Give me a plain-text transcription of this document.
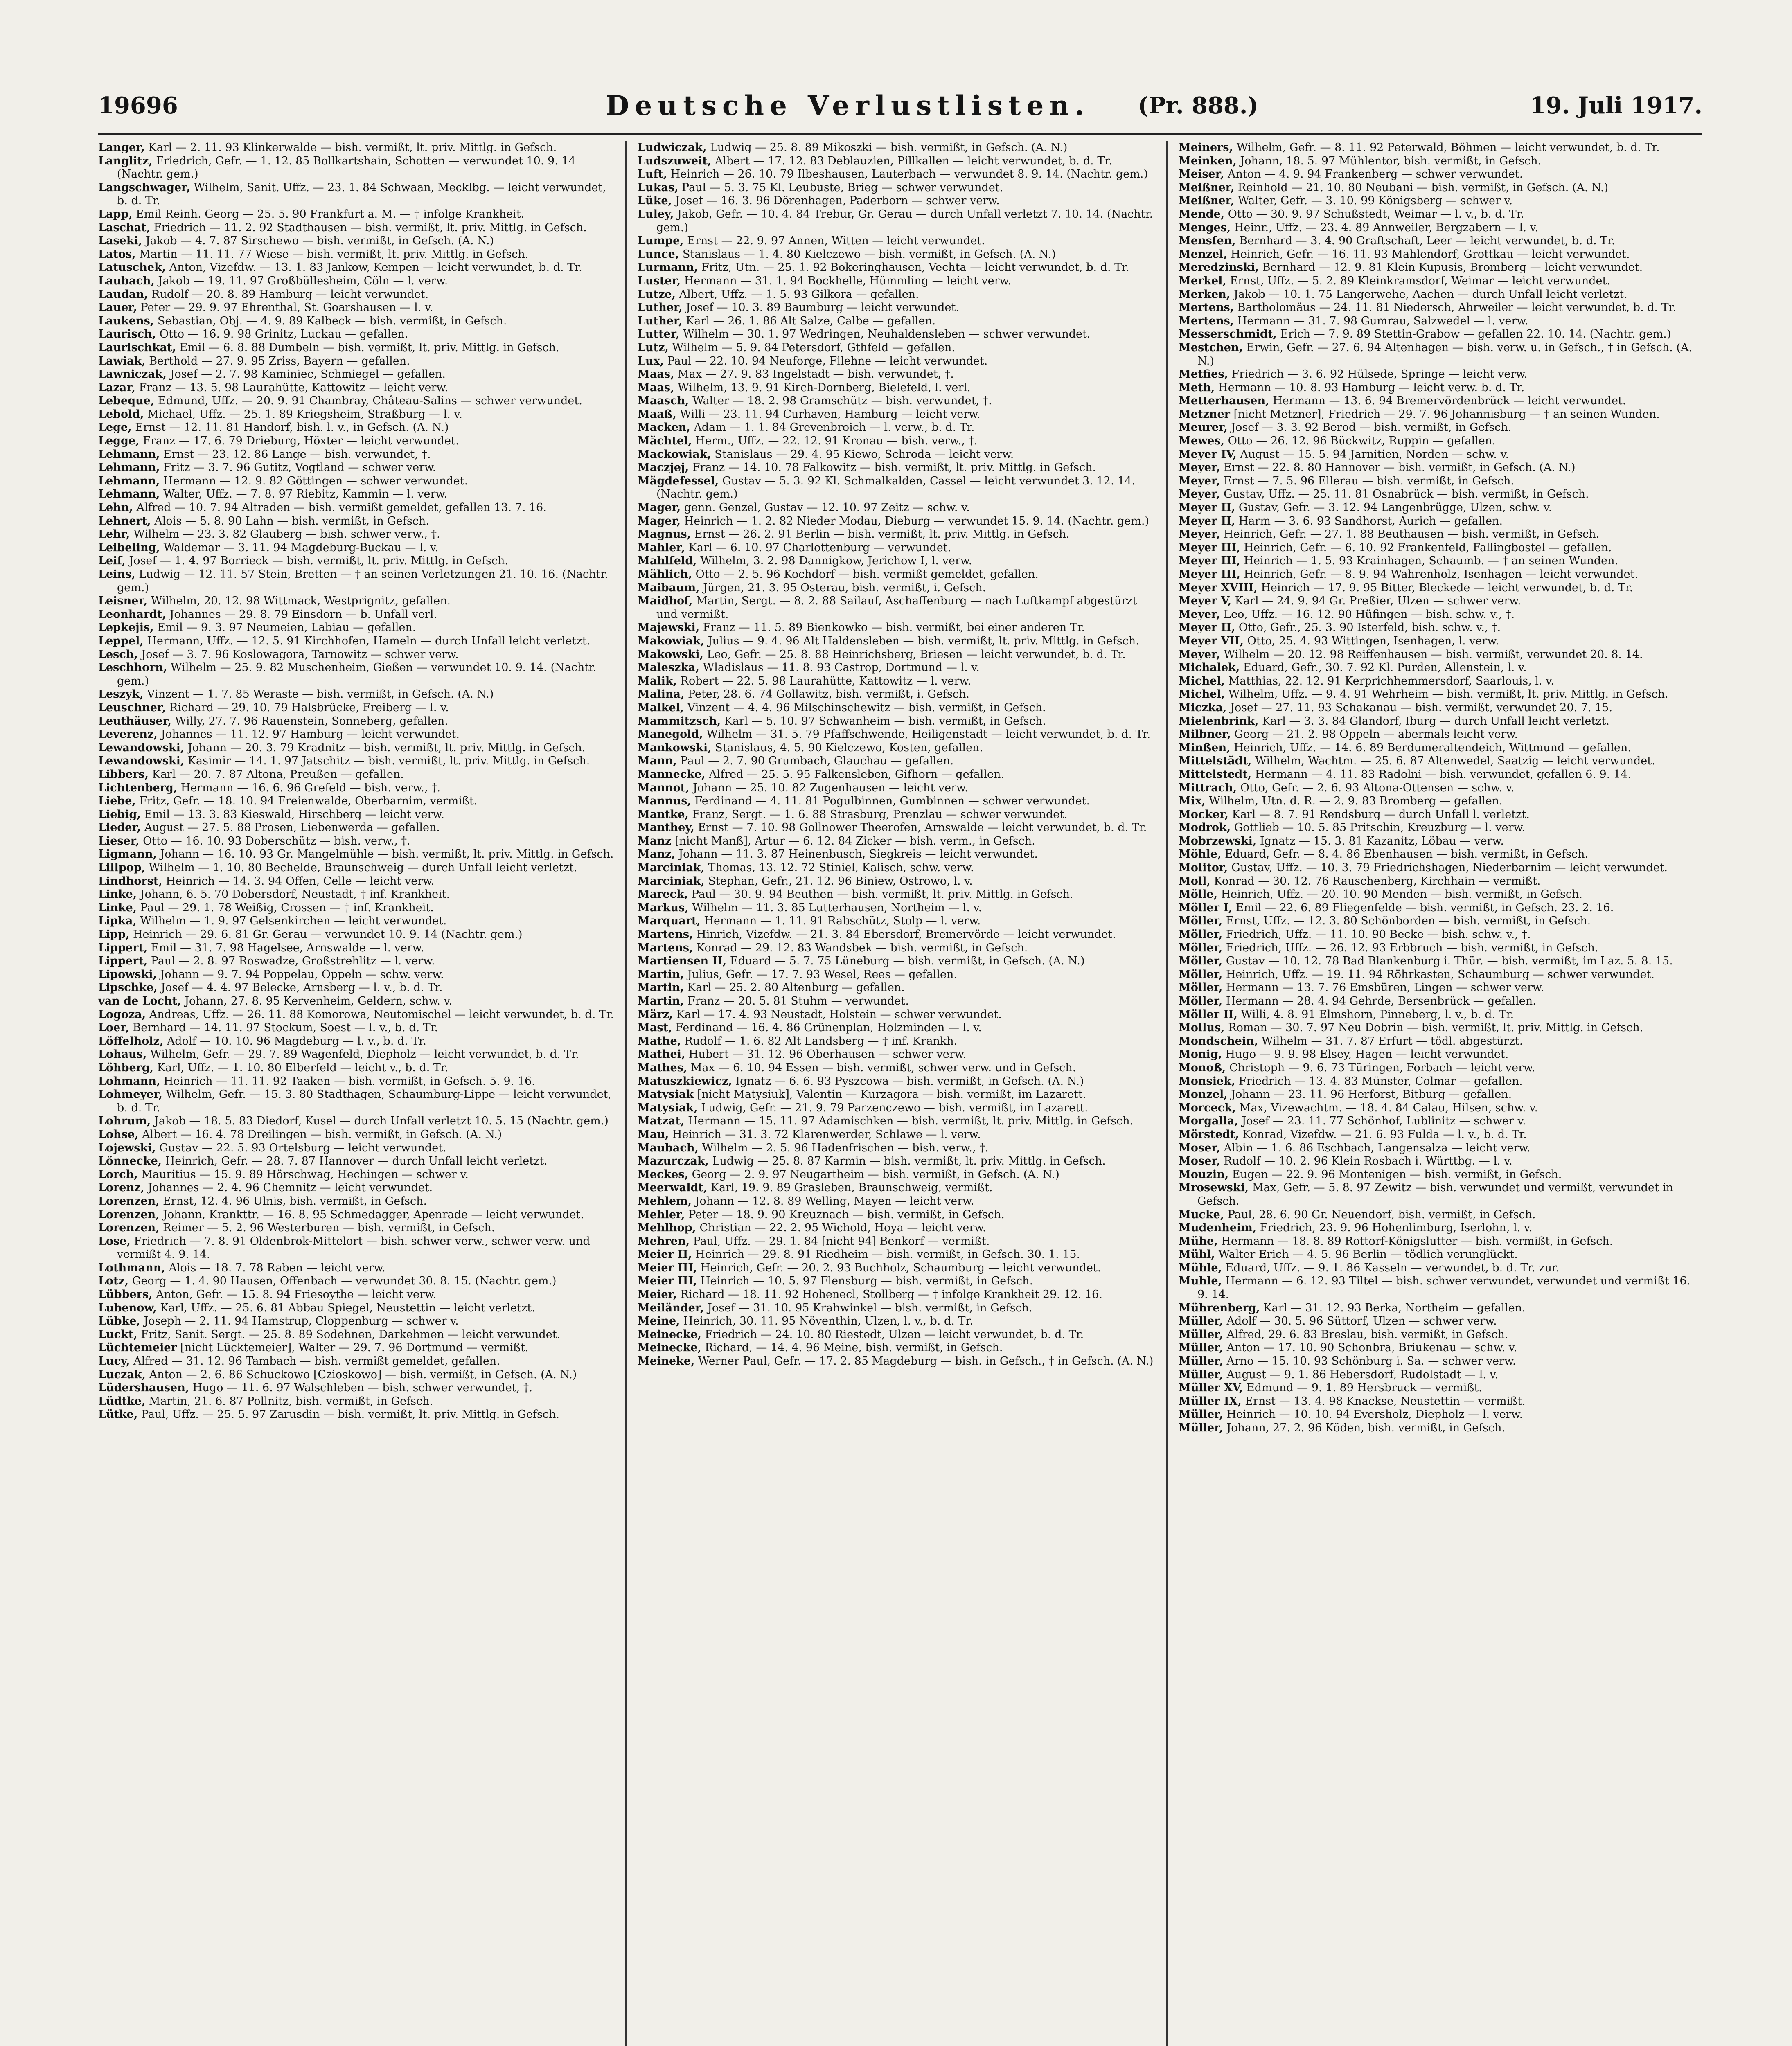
19696	Deutsche Verlustlisten. (Pr. 888.)	19. Juli 1917.

Langer, Karl — 2. 11. 93 Klinkerwalde — bish. vermißt, lt. priv. Mittlg. in Gefsch.

Langlitz, Friedrich, Gefr. — 1. 12. 85 Bollkartshain, Schotten — verwundet 10. 9. 14 (Nachtr. gem.)

Langschwager, Wilhelm, Sanit. Uffz. — 23. 1. 84 Schwaan, Mecklbg. — leicht verwundet, b. d. Tr.

Lapp, Emil Reinh. Georg — 25. 5. 90 Frankfurt a. M. — † infolge Krankheit.

Laschat, Friedrich — 11. 2. 92 Stadthausen — bish. vermißt, lt. priv. Mittlg. in Gefsch.

Laseki, Jakob — 4. 7. 87 Sirschewo — bish. vermißt, in Gefsch. (A. N.)

Latos, Martin — 11. 11. 77 Wiese — bish. vermißt, lt. priv. Mittlg. in Gefsch.

Latuschek, Anton, Vizefdw. — 13. 1. 83 Jankow, Kempen — leicht verwundet, b. d. Tr.

Laubach, Jakob — 19. 11. 97 Großbüllesheim, Cöln — l. verw.

Laudan, Rudolf — 20. 8. 89 Hamburg — leicht verwundet.

Lauer, Peter — 29. 9. 97 Ehrenthal, St. Goarshausen — l. v.

Laukens, Sebastian, Obj. — 4. 9. 89 Kalbeck — bish. vermißt, in Gefsch.

Laurisch, Otto — 16. 9. 98 Grinitz, Luckau — gefallen.

Laurischkat, Emil — 6. 8. 88 Dumbeln — bish. vermißt, lt. priv. Mittlg. in Gefsch.

Lawiak, Berthold — 27. 9. 95 Zriss, Bayern — gefallen.

Lawniczak, Josef — 2. 7. 98 Kaminiec, Schmiegel — gefallen.

Lazar, Franz — 13. 5. 98 Laurahütte, Kattowitz — leicht verw.

Lebeque, Edmund, Uffz. — 20. 9. 91 Chambray, Château-Salins — schwer verwundet.

Lebold, Michael, Uffz. — 25. 1. 89 Kriegsheim, Straßburg — l. v.

Lege, Ernst — 12. 11. 81 Handorf, bish. l. v., in Gefsch. (A. N.)

Legge, Franz — 17. 6. 79 Drieburg, Höxter — leicht verwundet.

Lehmann, Ernst — 23. 12. 86 Lange — bish. verwundet, †.

Lehmann, Fritz — 3. 7. 96 Gutitz, Vogtland — schwer verw.

Lehmann, Hermann — 12. 9. 82 Göttingen — schwer verwundet.

Lehmann, Walter, Uffz. — 7. 8. 97 Riebitz, Kammin — l. verw.

Lehn, Alfred — 10. 7. 94 Altraden — bish. vermißt gemeldet, gefallen 13. 7. 16.

Lehnert, Alois — 5. 8. 90 Lahn — bish. vermißt, in Gefsch.

Lehr, Wilhelm — 23. 3. 82 Glauberg — bish. schwer verw., †.

Leibeling, Waldemar — 3. 11. 94 Magdeburg-Buckau — l. v.

Leif, Josef — 1. 4. 97 Borrieck — bish. vermißt, lt. priv. Mittlg. in Gefsch.

Leins, Ludwig — 12. 11. 57 Stein, Bretten — † an seinen Verletzungen 21. 10. 16. (Nachtr. gem.)

Leisner, Wilhelm, 20. 12. 98 Wittmack, Westprignitz, gefallen.

Leonhardt, Johannes — 29. 8. 79 Einsdorn — b. Unfall verl.

Lepkejis, Emil — 9. 3. 97 Neumeien, Labiau — gefallen.

Leppel, Hermann, Uffz. — 12. 5. 91 Kirchhofen, Hameln — durch Unfall leicht verletzt.

Lesch, Josef — 3. 7. 96 Koslowagora, Tarnowitz — schwer verw.

Leschhorn, Wilhelm — 25. 9. 82 Muschenheim, Gießen — verwundet 10. 9. 14. (Nachtr. gem.)

Leszyk, Vinzent — 1. 7. 85 Weraste — bish. vermißt, in Gefsch. (A. N.)

Leuschner, Richard — 29. 10. 79 Halsbrücke, Freiberg — l. v.

Leuthäuser, Willy, 27. 7. 96 Rauenstein, Sonneberg, gefallen.

Leverenz, Johannes — 11. 12. 97 Hamburg — leicht verwundet.

Lewandowski, Johann — 20. 3. 79 Kradnitz — bish. vermißt, lt. priv. Mittlg. in Gefsch.

Lewandowski, Kasimir — 14. 1. 97 Jatschitz — bish. vermißt, lt. priv. Mittlg. in Gefsch.

Libbers, Karl — 20. 7. 87 Altona, Preußen — gefallen.

Lichtenberg, Hermann — 16. 6. 96 Grefeld — bish. verw., †.

Liebe, Fritz, Gefr. — 18. 10. 94 Freienwalde, Oberbarnim, vermißt.

Liebig, Emil — 13. 3. 83 Kieswald, Hirschberg — leicht verw.

Lieder, August — 27. 5. 88 Prosen, Liebenwerda — gefallen.

Lieser, Otto — 16. 10. 93 Doberschütz — bish. verw., †.

Ligmann, Johann — 16. 10. 93 Gr. Mangelmühle — bish. vermißt, lt. priv. Mittlg. in Gefsch.

Lillpop, Wilhelm — 1. 10. 80 Bechelde, Braunschweig — durch Unfall leicht verletzt.

Lindhorst, Heinrich — 14. 3. 94 Offen, Celle — leicht verw.

Linke, Johann, 6. 5. 70 Dobersdorf, Neustadt, † inf. Krankheit.

Linke, Paul — 29. 1. 78 Weißig, Crossen — † inf. Krankheit.

Lipka, Wilhelm — 1. 9. 97 Gelsenkirchen — leicht verwundet.

Lipp, Heinrich — 29. 6. 81 Gr. Gerau — verwundet 10. 9. 14 (Nachtr. gem.)

Lippert, Emil — 31. 7. 98 Hagelsee, Arnswalde — l. verw.

Lippert, Paul — 2. 8. 97 Roswadze, Großstrehlitz — l. verw.

Lipowski, Johann — 9. 7. 94 Poppelau, Oppeln — schw. verw.

Lipschke, Josef — 4. 4. 97 Belecke, Arnsberg — l. v., b. d. Tr.

van de Locht, Johann, 27. 8. 95 Kervenheim, Geldern, schw. v.

Logoza, Andreas, Uffz. — 26. 11. 88 Komorowa, Neutomischel — leicht verwundet, b. d. Tr.

Loer, Bernhard — 14. 11. 97 Stockum, Soest — l. v., b. d. Tr.

Löffelholz, Adolf — 10. 10. 96 Magdeburg — l. v., b. d. Tr.

Lohaus, Wilhelm, Gefr. — 29. 7. 89 Wagenfeld, Diepholz — leicht verwundet, b. d. Tr.

Löhberg, Karl, Uffz. — 1. 10. 80 Elberfeld — leicht v., b. d. Tr.

Lohmann, Heinrich — 11. 11. 92 Taaken — bish. vermißt, in Gefsch. 5. 9. 16.

Lohmeyer, Wilhelm, Gefr. — 15. 3. 80 Stadthagen, Schaumburg-Lippe — leicht verwundet, b. d. Tr.

Lohrum, Jakob — 18. 5. 83 Diedorf, Kusel — durch Unfall verletzt 10. 5. 15 (Nachtr. gem.)

Lohse, Albert — 16. 4. 78 Dreilingen — bish. vermißt, in Gefsch. (A. N.)

Lojewski, Gustav — 22. 5. 93 Ortelsburg — leicht verwundet.

Lönnecke, Heinrich, Gefr. — 28. 7. 87 Hannover — durch Unfall leicht verletzt.

Lorch, Mauritius — 15. 9. 89 Hörschwag, Hechingen — schwer v.

Lorenz, Johannes — 2. 4. 96 Chemnitz — leicht verwundet.

Lorenzen, Ernst, 12. 4. 96 Ulnis, bish. vermißt, in Gefsch.

Lorenzen, Johann, Krankttr. — 16. 8. 95 Schmedagger, Apenrade — leicht verwundet.

Lorenzen, Reimer — 5. 2. 96 Westerburen — bish. vermißt, in Gefsch.

Lose, Friedrich — 7. 8. 91 Oldenbrok-Mittelort — bish. schwer verw., schwer verw. und vermißt 4. 9. 14.

Lothmann, Alois — 18. 7. 78 Raben — leicht verw.

Lotz, Georg — 1. 4. 90 Hausen, Offenbach — verwundet 30. 8. 15. (Nachtr. gem.)

Lübbers, Anton, Gefr. — 15. 8. 94 Friesoythe — leicht verw.

Lubenow, Karl, Uffz. — 25. 6. 81 Abbau Spiegel, Neustettin — leicht verletzt.

Lübke, Joseph — 2. 11. 94 Hamstrup, Cloppenburg — schwer v.

Luckt, Fritz, Sanit. Sergt. — 25. 8. 89 Sodehnen, Darkehmen — leicht verwundet.

Lüchtemeier [nicht Lücktemeier], Walter — 29. 7. 96 Dortmund — vermißt.

Lucy, Alfred — 31. 12. 96 Tambach — bish. vermißt gemeldet, gefallen.

Luczak, Anton — 2. 6. 86 Schuckowo [Czioskowo] — bish. vermißt, in Gefsch. (A. N.)

Lüdershausen, Hugo — 11. 6. 97 Walschleben — bish. schwer verwundet, †.

Lüdtke, Martin, 21. 6. 87 Pollnitz, bish. vermißt, in Gefsch.

Lütke, Paul, Uffz. — 25. 5. 97 Zarusdin — bish. vermißt, lt. priv. Mittlg. in Gefsch.

Ludwiczak, Ludwig — 25. 8. 89 Mikoszki — bish. vermißt, in Gefsch. (A. N.)

Ludszuweit, Albert — 17. 12. 83 Deblauzien, Pillkallen — leicht verwundet, b. d. Tr.

Luft, Heinrich — 26. 10. 79 Ilbeshausen, Lauterbach — verwundet 8. 9. 14. (Nachtr. gem.)

Lukas, Paul — 5. 3. 75 Kl. Leubuste, Brieg — schwer verwundet.

Lüke, Josef — 16. 3. 96 Dörenhagen, Paderborn — schwer verw.

Luley, Jakob, Gefr. — 10. 4. 84 Trebur, Gr. Gerau — durch Unfall verletzt 7. 10. 14. (Nachtr. gem.)

Lumpe, Ernst — 22. 9. 97 Annen, Witten — leicht verwundet.

Lunce, Stanislaus — 1. 4. 80 Kielczewo — bish. vermißt, in Gefsch. (A. N.)

Lurmann, Fritz, Utn. — 25. 1. 92 Bokeringhausen, Vechta — leicht verwundet, b. d. Tr.

Luster, Hermann — 31. 1. 94 Bockhelle, Hümmling — leicht verw.

Lutze, Albert, Uffz. — 1. 5. 93 Gilkora — gefallen.

Luther, Josef — 10. 3. 89 Baumburg — leicht verwundet.

Luther, Karl — 26. 1. 86 Alt Salze, Calbe — gefallen.

Lutter, Wilhelm — 30. 1. 97 Wedringen, Neuhaldensleben — schwer verwundet.

Lutz, Wilhelm — 5. 9. 84 Petersdorf, Gthfeld — gefallen.

Lux, Paul — 22. 10. 94 Neuforge, Filehne — leicht verwundet.

Maas, Max — 27. 9. 83 Ingelstadt — bish. verwundet, †.

Maas, Wilhelm, 13. 9. 91 Kirch-Dornberg, Bielefeld, l. verl.

Maasch, Walter — 18. 2. 98 Gramschütz — bish. verwundet, †.

Maaß, Willi — 23. 11. 94 Curhaven, Hamburg — leicht verw.

Macken, Adam — 1. 1. 84 Grevenbroich — l. verw., b. d. Tr.

Mächtel, Herm., Uffz. — 22. 12. 91 Kronau — bish. verw., †.

Mackowiak, Stanislaus — 29. 4. 95 Kiewo, Schroda — leicht verw.

Maczjej, Franz — 14. 10. 78 Falkowitz — bish. vermißt, lt. priv. Mittlg. in Gefsch.

Mägdefessel, Gustav — 5. 3. 92 Kl. Schmalkalden, Cassel — leicht verwundet 3. 12. 14. (Nachtr. gem.)

Mager, genn. Genzel, Gustav — 12. 10. 97 Zeitz — schw. v.

Mager, Heinrich — 1. 2. 82 Nieder Modau, Dieburg — verwundet 15. 9. 14. (Nachtr. gem.)

Magnus, Ernst — 26. 2. 91 Berlin — bish. vermißt, lt. priv. Mittlg. in Gefsch.

Mahler, Karl — 6. 10. 97 Charlottenburg — verwundet.

Mahlfeld, Wilhelm, 3. 2. 98 Dannigkow, Jerichow I, l. verw.

Mählich, Otto — 2. 5. 96 Kochdorf — bish. vermißt gemeldet, gefallen.

Maibaum, Jürgen, 21. 3. 95 Osterau, bish. vermißt, i. Gefsch.

Maidhof, Martin, Sergt. — 8. 2. 88 Sailauf, Aschaffenburg — nach Luftkampf abgestürzt und vermißt.

Majewski, Franz — 11. 5. 89 Bienkowko — bish. vermißt, bei einer anderen Tr.

Makowiak, Julius — 9. 4. 96 Alt Haldensleben — bish. vermißt, lt. priv. Mittlg. in Gefsch.

Makowski, Leo, Gefr. — 25. 8. 88 Heinrichsberg, Briesen — leicht verwundet, b. d. Tr.

Maleszka, Wladislaus — 11. 8. 93 Castrop, Dortmund — l. v.

Malik, Robert — 22. 5. 98 Laurahütte, Kattowitz — l. verw.

Malina, Peter, 28. 6. 74 Gollawitz, bish. vermißt, i. Gefsch.

Malkel, Vinzent — 4. 4. 96 Milschinschewitz — bish. vermißt, in Gefsch.

Mammitzsch, Karl — 5. 10. 97 Schwanheim — bish. vermißt, in Gefsch.

Manegold, Wilhelm — 31. 5. 79 Pfaffschwende, Heiligenstadt — leicht verwundet, b. d. Tr.

Mankowski, Stanislaus, 4. 5. 90 Kielczewo, Kosten, gefallen.

Mann, Paul — 2. 7. 90 Grumbach, Glauchau — gefallen.

Mannecke, Alfred — 25. 5. 95 Falkensleben, Gifhorn — gefallen.

Mannot, Johann — 25. 10. 82 Zugenhausen — leicht verw.

Mannus, Ferdinand — 4. 11. 81 Pogulbinnen, Gumbinnen — schwer verwundet.

Mantke, Franz, Sergt. — 1. 6. 88 Strasburg, Prenzlau — schwer verwundet.

Manthey, Ernst — 7. 10. 98 Gollnower Theerofen, Arnswalde — leicht verwundet, b. d. Tr.

Manz [nicht Manß], Artur — 6. 12. 84 Zicker — bish. verm., in Gefsch.

Manz, Johann — 11. 3. 87 Heinenbusch, Siegkreis — leicht verwundet.

Marciniak, Thomas, 13. 12. 72 Stiniel, Kalisch, schw. verw.

Marciniak, Stephan, Gefr., 21. 12. 96 Biniew, Ostrowo, l. v.

Mareck, Paul — 30. 9. 94 Beuthen — bish. vermißt, lt. priv. Mittlg. in Gefsch.

Markus, Wilhelm — 11. 3. 85 Lutterhausen, Northeim — l. v.

Marquart, Hermann — 1. 11. 91 Rabschütz, Stolp — l. verw.

Martens, Hinrich, Vizefdw. — 21. 3. 84 Ebersdorf, Bremervörde — leicht verwundet.

Martens, Konrad — 29. 12. 83 Wandsbek — bish. vermißt, in Gefsch.

Martiensen II, Eduard — 5. 7. 75 Lüneburg — bish. vermißt, in Gefsch. (A. N.)

Martin, Julius, Gefr. — 17. 7. 93 Wesel, Rees — gefallen.

Martin, Karl — 25. 2. 80 Altenburg — gefallen.

Martin, Franz — 20. 5. 81 Stuhm — verwundet.

März, Karl — 17. 4. 93 Neustadt, Holstein — schwer verwundet.

Mast, Ferdinand — 16. 4. 86 Grünenplan, Holzminden — l. v.

Mathe, Rudolf — 1. 6. 82 Alt Landsberg — † inf. Krankh.

Mathei, Hubert — 31. 12. 96 Oberhausen — schwer verw.

Mathes, Max — 6. 10. 94 Essen — bish. vermißt, schwer verw. und in Gefsch.

Matuszkiewicz, Ignatz — 6. 6. 93 Pyszcowa — bish. vermißt, in Gefsch. (A. N.)

Matysiak [nicht Matysiuk], Valentin — Kurzagora — bish. vermißt, im Lazarett.

Matysiak, Ludwig, Gefr. — 21. 9. 79 Parzenczewo — bish. vermißt, im Lazarett.

Matzat, Hermann — 15. 11. 97 Adamischken — bish. vermißt, lt. priv. Mittlg. in Gefsch.

Mau, Heinrich — 31. 3. 72 Klarenwerder, Schlawe — l. verw.

Maubach, Wilhelm — 2. 5. 96 Hadenfrischen — bish. verw., †.

Mazurczak, Ludwig — 25. 8. 87 Karmin — bish. vermißt, lt. priv. Mittlg. in Gefsch.

Meckes, Georg — 2. 9. 97 Neugartheim — bish. vermißt, in Gefsch. (A. N.)

Meerwaldt, Karl, 19. 9. 89 Grasleben, Braunschweig, vermißt.

Mehlem, Johann — 12. 8. 89 Welling, Mayen — leicht verw.

Mehler, Peter — 18. 9. 90 Kreuznach — bish. vermißt, in Gefsch.

Mehlhop, Christian — 22. 2. 95 Wichold, Hoya — leicht verw.

Mehren, Paul, Uffz. — 29. 1. 84 [nicht 94] Benkorf — vermißt.

Meier II, Heinrich — 29. 8. 91 Riedheim — bish. vermißt, in Gefsch. 30. 1. 15.

Meier III, Heinrich, Gefr. — 20. 2. 93 Buchholz, Schaumburg — leicht verwundet.

Meier III, Heinrich — 10. 5. 97 Flensburg — bish. vermißt, in Gefsch.

Meier, Richard — 18. 11. 92 Hohenecl, Stollberg — † infolge Krankheit 29. 12. 16.

Meiländer, Josef — 31. 10. 95 Krahwinkel — bish. vermißt, in Gefsch.

Meine, Heinrich, 30. 11. 95 Növenthin, Ulzen, l. v., b. d. Tr.

Meinecke, Friedrich — 24. 10. 80 Riestedt, Ulzen — leicht verwundet, b. d. Tr.

Meinecke, Richard, — 14. 4. 96 Meine, bish. vermißt, in Gefsch.

Meineke, Werner Paul, Gefr. — 17. 2. 85 Magdeburg — bish. in Gefsch., † in Gefsch. (A. N.)

Meiners, Wilhelm, Gefr. — 8. 11. 92 Peterwald, Böhmen — leicht verwundet, b. d. Tr.

Meinken, Johann, 18. 5. 97 Mühlentor, bish. vermißt, in Gefsch.

Meiser, Anton — 4. 9. 94 Frankenberg — schwer verwundet.

Meißner, Reinhold — 21. 10. 80 Neubani — bish. vermißt, in Gefsch. (A. N.)

Meißner, Walter, Gefr. — 3. 10. 99 Königsberg — schwer v.

Mende, Otto — 30. 9. 97 Schußstedt, Weimar — l. v., b. d. Tr.

Menges, Heinr., Uffz. — 23. 4. 89 Annweiler, Bergzabern — l. v.

Mensfen, Bernhard — 3. 4. 90 Graftschaft, Leer — leicht verwundet, b. d. Tr.

Menzel, Heinrich, Gefr. — 16. 11. 93 Mahlendorf, Grottkau — leicht verwundet.

Meredzinski, Bernhard — 12. 9. 81 Klein Kupusis, Bromberg — leicht verwundet.

Merkel, Ernst, Uffz. — 5. 2. 89 Kleinkramsdorf, Weimar — leicht verwundet.

Merken, Jakob — 10. 1. 75 Langerwehe, Aachen — durch Unfall leicht verletzt.

Mertens, Bartholomäus — 24. 11. 81 Niedersch, Ahrweiler — leicht verwundet, b. d. Tr.

Mertens, Hermann — 31. 7. 98 Gumrau, Salzwedel — l. verw.

Messerschmidt, Erich — 7. 9. 89 Stettin-Grabow — gefallen 22. 10. 14. (Nachtr. gem.)

Mestchen, Erwin, Gefr. — 27. 6. 94 Altenhagen — bish. verw. u. in Gefsch., † in Gefsch. (A. N.)

Metfies, Friedrich — 3. 6. 92 Hülsede, Springe — leicht verw.

Meth, Hermann — 10. 8. 93 Hamburg — leicht verw. b. d. Tr.

Metterhausen, Hermann — 13. 6. 94 Bremervördenbrück — leicht verwundet.

Metzner [nicht Metzner], Friedrich — 29. 7. 96 Johannisburg — † an seinen Wunden.

Meurer, Josef — 3. 3. 92 Berod — bish. vermißt, in Gefsch.

Mewes, Otto — 26. 12. 96 Bückwitz, Ruppin — gefallen.

Meyer IV, August — 15. 5. 94 Jarnitien, Norden — schw. v.

Meyer, Ernst — 22. 8. 80 Hannover — bish. vermißt, in Gefsch. (A. N.)

Meyer, Ernst — 7. 5. 96 Ellerau — bish. vermißt, in Gefsch.

Meyer, Gustav, Uffz. — 25. 11. 81 Osnabrück — bish. vermißt, in Gefsch.

Meyer II, Gustav, Gefr. — 3. 12. 94 Langenbrügge, Ulzen, schw. v.

Meyer II, Harm — 3. 6. 93 Sandhorst, Aurich — gefallen.

Meyer, Heinrich, Gefr. — 27. 1. 88 Beuthausen — bish. vermißt, in Gefsch.

Meyer III, Heinrich, Gefr. — 6. 10. 92 Frankenfeld, Fallingbostel — gefallen.

Meyer III, Heinrich — 1. 5. 93 Krainhagen, Schaumb. — † an seinen Wunden.

Meyer III, Heinrich, Gefr. — 8. 9. 94 Wahrenholz, Isenhagen — leicht verwundet.

Meyer XVIII, Heinrich — 17. 9. 95 Bitter, Bleckede — leicht verwundet, b. d. Tr.

Meyer V, Karl — 24. 9. 94 Gr. Preßier, Ulzen — schwer verw.

Meyer, Leo, Uffz. — 16. 12. 90 Hüfingen — bish. schw. v., †.

Meyer II, Otto, Gefr., 25. 3. 90 Isterfeld, bish. schw. v., †.

Meyer VII, Otto, 25. 4. 93 Wittingen, Isenhagen, l. verw.

Meyer, Wilhelm — 20. 12. 98 Reiffenhausen — bish. vermißt, verwundet 20. 8. 14.

Michalek, Eduard, Gefr., 30. 7. 92 Kl. Purden, Allenstein, l. v.

Michel, Matthias, 22. 12. 91 Kerprichhemmersdorf, Saarlouis, l. v.

Michel, Wilhelm, Uffz. — 9. 4. 91 Wehrheim — bish. vermißt, lt. priv. Mittlg. in Gefsch.

Miczka, Josef — 27. 11. 93 Schakanau — bish. vermißt, verwundet 20. 7. 15.

Mielenbrink, Karl — 3. 3. 84 Glandorf, Iburg — durch Unfall leicht verletzt.

Milbner, Georg — 21. 2. 98 Oppeln — abermals leicht verw.

Minßen, Heinrich, Uffz. — 14. 6. 89 Berdumeraltendeich, Wittmund — gefallen.

Mittelstädt, Wilhelm, Wachtm. — 25. 6. 87 Altenwedel, Saatzig — leicht verwundet.

Mittelstedt, Hermann — 4. 11. 83 Radolni — bish. verwundet, gefallen 6. 9. 14.

Mittrach, Otto, Gefr. — 2. 6. 93 Altona-Ottensen — schw. v.

Mix, Wilhelm, Utn. d. R. — 2. 9. 83 Bromberg — gefallen.

Mocker, Karl — 8. 7. 91 Rendsburg — durch Unfall l. verletzt.

Modrok, Gottlieb — 10. 5. 85 Pritschin, Kreuzburg — l. verw.

Mobrzewski, Ignatz — 15. 3. 81 Kazanitz, Löbau — verw.

Möhle, Eduard, Gefr. — 8. 4. 86 Ebenhausen — bish. vermißt, in Gefsch.

Molitor, Gustav, Uffz. — 10. 3. 79 Friedrichshagen, Niederbarnim — leicht verwundet.

Moll, Konrad — 30. 12. 76 Rauschenberg, Kirchhain — vermißt.

Mölle, Heinrich, Uffz. — 20. 10. 90 Menden — bish. vermißt, in Gefsch.

Möller I, Emil — 22. 6. 89 Fliegenfelde — bish. vermißt, in Gefsch. 23. 2. 16.

Möller, Ernst, Uffz. — 12. 3. 80 Schönborden — bish. vermißt, in Gefsch.

Möller, Friedrich, Uffz. — 11. 10. 90 Becke — bish. schw. v., †.

Möller, Friedrich, Uffz. — 26. 12. 93 Erbbruch — bish. vermißt, in Gefsch.

Möller, Gustav — 10. 12. 78 Bad Blankenburg i. Thür. — bish. vermißt, im Laz. 5. 8. 15.

Möller, Heinrich, Uffz. — 19. 11. 94 Röhrkasten, Schaumburg — schwer verwundet.

Möller, Hermann — 13. 7. 76 Emsbüren, Lingen — schwer verw.

Möller, Hermann — 28. 4. 94 Gehrde, Bersenbrück — gefallen.

Möller II, Willi, 4. 8. 91 Elmshorn, Pinneberg, l. v., b. d. Tr.

Mollus, Roman — 30. 7. 97 Neu Dobrin — bish. vermißt, lt. priv. Mittlg. in Gefsch.

Mondschein, Wilhelm — 31. 7. 87 Erfurt — tödl. abgestürzt.

Monig, Hugo — 9. 9. 98 Elsey, Hagen — leicht verwundet.

Monoß, Christoph — 9. 6. 73 Türingen, Forbach — leicht verw.

Monsiek, Friedrich — 13. 4. 83 Münster, Colmar — gefallen.

Monzel, Johann — 23. 11. 96 Herforst, Bitburg — gefallen.

Morceck, Max, Vizewachtm. — 18. 4. 84 Calau, Hilsen, schw. v.

Morgalla, Josef — 23. 11. 77 Schönhof, Lublinitz — schwer v.

Mörstedt, Konrad, Vizefdw. — 21. 6. 93 Fulda — l. v., b. d. Tr.

Moser, Albin — 1. 6. 86 Eschbach, Langensalza — leicht verw.

Moser, Rudolf — 10. 2. 96 Klein Rosbach i. Württbg. — l. v.

Mouzin, Eugen — 22. 9. 96 Montenigen — bish. vermißt, in Gefsch.

Mrosewski, Max, Gefr. — 5. 8. 97 Zewitz — bish. verwundet und vermißt, verwundet in Gefsch.

Mucke, Paul, 28. 6. 90 Gr. Neuendorf, bish. vermißt, in Gefsch.

Mudenheim, Friedrich, 23. 9. 96 Hohenlimburg, Iserlohn, l. v.

Mühe, Hermann — 18. 8. 89 Rottorf-Königslutter — bish. vermißt, in Gefsch.

Mühl, Walter Erich — 4. 5. 96 Berlin — tödlich verunglückt.

Mühle, Eduard, Uffz. — 9. 1. 86 Kasseln — verwundet, b. d. Tr. zur.

Muhle, Hermann — 6. 12. 93 Tiltel — bish. schwer verwundet, verwundet und vermißt 16. 9. 14.

Mührenberg, Karl — 31. 12. 93 Berka, Northeim — gefallen.

Müller, Adolf — 30. 5. 96 Süttorf, Ulzen — schwer verw.

Müller, Alfred, 29. 6. 83 Breslau, bish. vermißt, in Gefsch.

Müller, Anton — 17. 10. 90 Schonbra, Briukenau — schw. v.

Müller, Arno — 15. 10. 93 Schönburg i. Sa. — schwer verw.

Müller, August — 9. 1. 86 Hebersdorf, Rudolstadt — l. v.

Müller XV, Edmund — 9. 1. 89 Hersbruck — vermißt.

Müller IX, Ernst — 13. 4. 98 Knackse, Neustettin — vermißt.

Müller, Heinrich — 10. 10. 94 Eversholz, Diepholz — l. verw.

Müller, Johann, 27. 2. 96 Köden, bish. vermißt, in Gefsch.
